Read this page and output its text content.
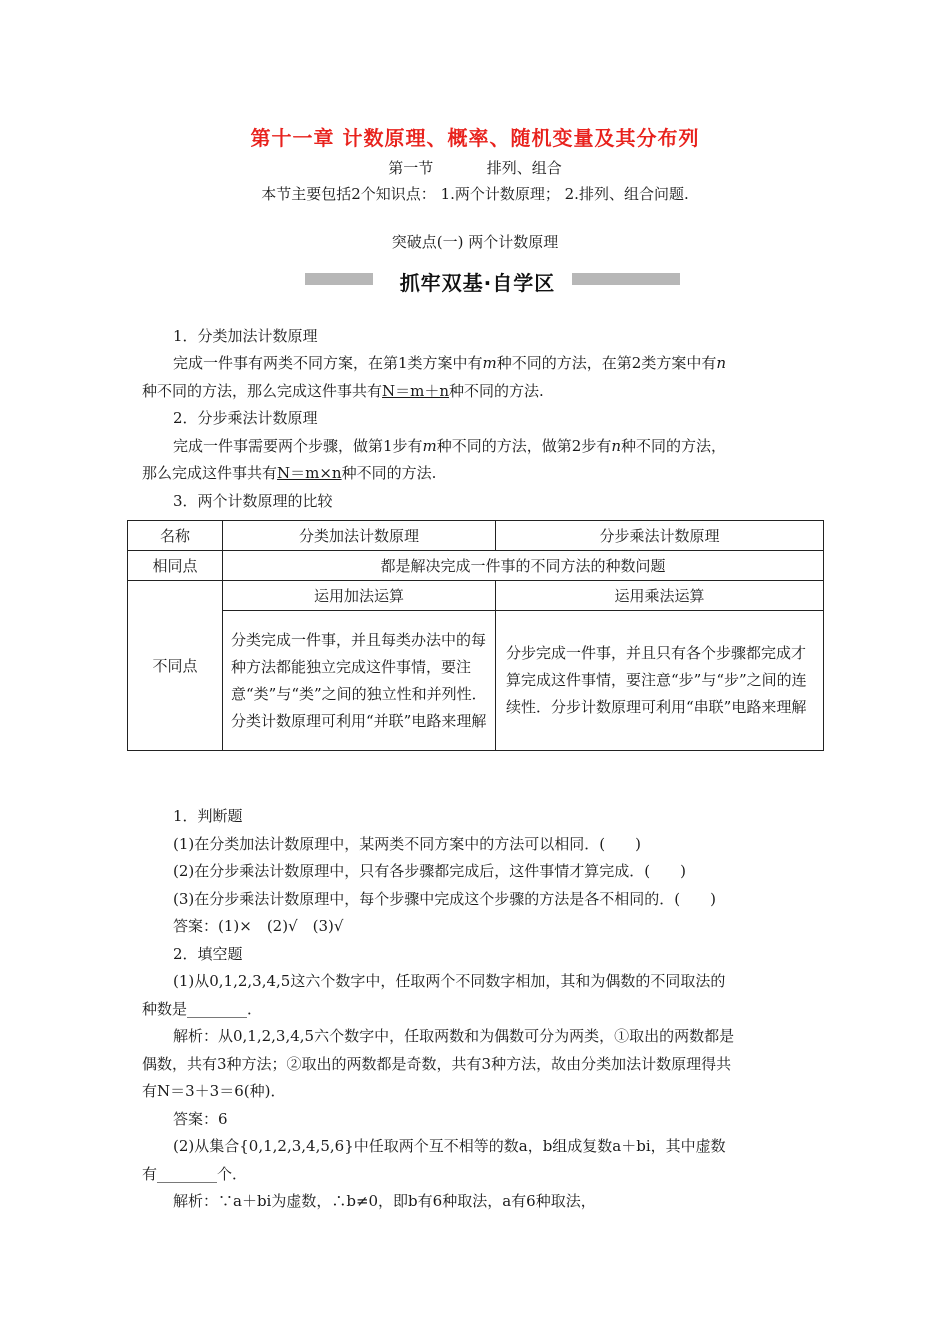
第十一章 计数原理、概率、随机变量及其分布列
第一节	排列、组合
本节主要包括2个知识点： 1.两个计数原理； 2.排列、组合问题.
突破点(一) 两个计数原理
抓牢双基·自学区
1．分类加法计数原理
完成一件事有两类不同方案，在第1类方案中有m种不同的方法，在第2类方案中有n
种不同的方法，那么完成这件事共有N＝m＋n种不同的方法.
2．分步乘法计数原理
完成一件事需要两个步骤，做第1步有m种不同的方法，做第2步有n种不同的方法，
那么完成这件事共有N＝m×n种不同的方法.
3．两个计数原理的比较
名称	分类加法计数原理	分步乘法计数原理
相同点	都是解决完成一件事的不同方法的种数问题	
不同点	运用加法运算	运用乘法运算
	分类完成一件事，并且每类办法中的每种方法都能独立完成这件事情，要注意“类”与“类”之间的独立性和并列性．分类计数原理可利用“并联”电路来理解	分步完成一件事，并且只有各个步骤都完成才算完成这件事情，要注意“步”与“步”之间的连续性．分步计数原理可利用“串联”电路来理解
1．判断题
(1)在分类加法计数原理中，某两类不同方案中的方法可以相同．(　　)
(2)在分步乘法计数原理中，只有各步骤都完成后，这件事情才算完成．(　　)
(3)在分步乘法计数原理中，每个步骤中完成这个步骤的方法是各不相同的．(　　)
答案：(1)×　(2)√　(3)√
2．填空题
(1)从0,1,2,3,4,5这六个数字中，任取两个不同数字相加，其和为偶数的不同取法的
种数是________．
解析：从0,1,2,3,4,5六个数字中，任取两数和为偶数可分为两类，①取出的两数都是
偶数，共有3种方法；②取出的两数都是奇数，共有3种方法，故由分类加法计数原理得共
有N＝3＋3＝6(种)．
答案：6
(2)从集合{0,1,2,3,4,5,6}中任取两个互不相等的数a，b组成复数a＋bi，其中虚数
有________个．
解析：∵a＋bi为虚数，∴b≠0，即b有6种取法，a有6种取法，
